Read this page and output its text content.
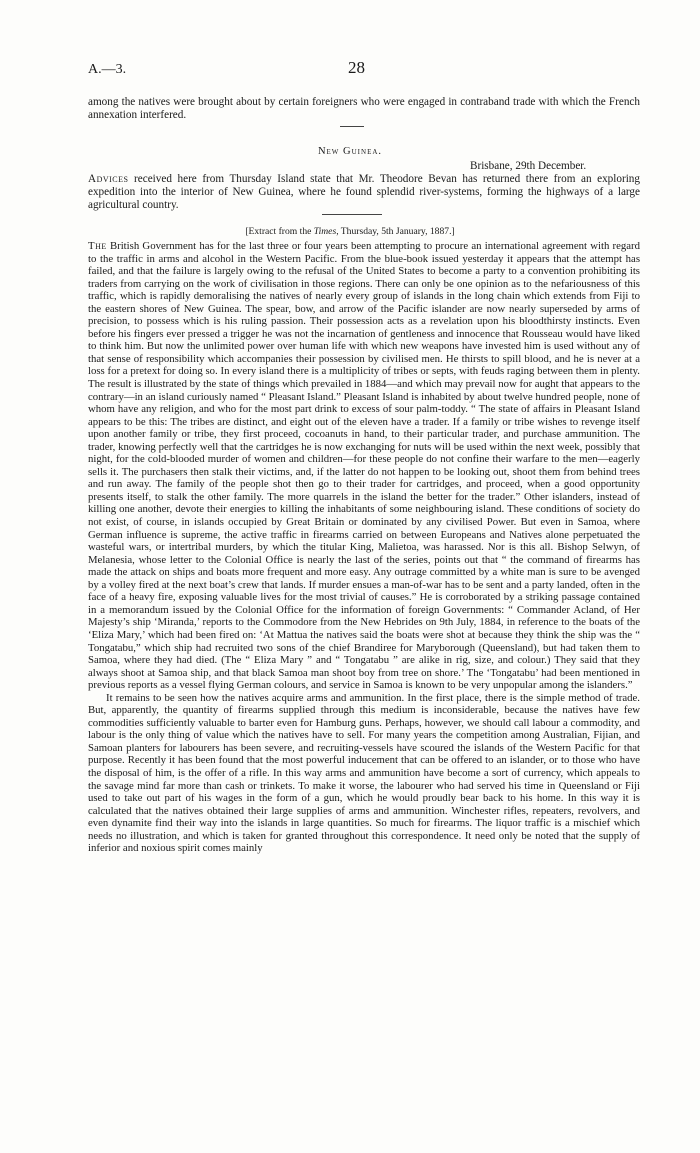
A.—3.	28

among the natives were brought about by certain foreigners who were engaged in contraband trade with which the French annexation interfered.

New Guinea.
Brisbane, 29th December.

Advices received here from Thursday Island state that Mr. Theodore Bevan has returned there from an exploring expedition into the interior of New Guinea, where he found splendid river-systems, forming the highways of a large agricultural country.

[Extract from the Times, Thursday, 5th January, 1887.]

The British Government has for the last three or four years been attempting to procure an international agreement with regard to the traffic in arms and alcohol in the Western Pacific. From the blue-book issued yesterday it appears that the attempt has failed, and that the failure is largely owing to the refusal of the United States to become a party to a convention prohibiting its traders from carrying on the work of civilisation in those regions. There can only be one opinion as to the nefariousness of this traffic, which is rapidly demoralising the natives of nearly every group of islands in the long chain which extends from Fiji to the eastern shores of New Guinea. The spear, bow, and arrow of the Pacific islander are now nearly superseded by arms of precision, to possess which is his ruling passion. Their possession acts as a revelation upon his bloodthirsty instincts. Even before his fingers ever pressed a trigger he was not the incarnation of gentleness and innocence that Rousseau would have liked to think him. But now the unlimited power over human life with which new weapons have invested him is used without any of that sense of responsibility which accompanies their possession by civilised men. He thirsts to spill blood, and he is never at a loss for a pretext for doing so. In every island there is a multiplicity of tribes or septs, with feuds raging between them in plenty. The result is illustrated by the state of things which prevailed in 1884—and which may prevail now for aught that appears to the contrary—in an island curiously named “ Pleasant Island.” Pleasant Island is inhabited by about twelve hundred people, none of whom have any religion, and who for the most part drink to excess of sour palm-toddy. “ The state of affairs in Pleasant Island appears to be this: The tribes are distinct, and eight out of the eleven have a trader. If a family or tribe wishes to revenge itself upon another family or tribe, they first proceed, cocoanuts in hand, to their particular trader, and purchase ammunition. The trader, knowing perfectly well that the cartridges he is now exchanging for nuts will be used within the next week, possibly that night, for the cold-blooded murder of women and children—for these people do not confine their warfare to the men—eagerly sells it. The purchasers then stalk their victims, and, if the latter do not happen to be looking out, shoot them from behind trees and run away. The family of the people shot then go to their trader for cartridges, and proceed, when a good opportunity presents itself, to stalk the other family. The more quarrels in the island the better for the trader.” Other islanders, instead of killing one another, devote their energies to killing the inhabitants of some neighbouring island. These conditions of society do not exist, of course, in islands occupied by Great Britain or dominated by any civilised Power. But even in Samoa, where German influence is supreme, the active traffic in firearms carried on between Europeans and Natives alone perpetuated the wasteful wars, or intertribal murders, by which the titular King, Malietoa, was harassed. Nor is this all. Bishop Selwyn, of Melanesia, whose letter to the Colonial Office is nearly the last of the series, points out that “ the command of firearms has made the attack on ships and boats more frequent and more easy. Any outrage committed by a white man is sure to be avenged by a volley fired at the next boat’s crew that lands. If murder ensues a man-of-war has to be sent and a party landed, often in the face of a heavy fire, exposing valuable lives for the most trivial of causes.” He is corroborated by a striking passage contained in a memorandum issued by the Colonial Office for the information of foreign Governments: “ Commander Acland, of Her Majesty’s ship ‘Miranda,’ reports to the Commodore from the New Hebrides on 9th July, 1884, in reference to the boats of the ‘Eliza Mary,’ which had been fired on: ‘At Mattua the natives said the boats were shot at because they think the ship was the “ Tongatabu,” which ship had recruited two sons of the chief Brandiree for Maryborough (Queensland), but had taken them to Samoa, where they had died. (The “ Eliza Mary ” and “ Tongatabu ” are alike in rig, size, and colour.) They said that they always shoot at Samoa ship, and that black Samoa man shoot boy from tree on shore.’ The ‘Tongatabu’ had been mentioned in previous reports as a vessel flying German colours, and service in Samoa is known to be very unpopular among the islanders.”

It remains to be seen how the natives acquire arms and ammunition. In the first place, there is the simple method of trade. But, apparently, the quantity of firearms supplied through this medium is inconsiderable, because the natives have few commodities sufficiently valuable to barter even for Hamburg guns. Perhaps, however, we should call labour a commodity, and labour is the only thing of value which the natives have to sell. For many years the competition among Australian, Fijian, and Samoan planters for labourers has been severe, and recruiting-vessels have scoured the islands of the Western Pacific for that purpose. Recently it has been found that the most powerful inducement that can be offered to an islander, or to those who have the disposal of him, is the offer of a rifle. In this way arms and ammunition have become a sort of currency, which appeals to the savage mind far more than cash or trinkets. To make it worse, the labourer who had served his time in Queensland or Fiji used to take out part of his wages in the form of a gun, which he would proudly bear back to his home. In this way it is calculated that the natives obtained their large supplies of arms and ammunition. Winchester rifles, repeaters, revolvers, and even dynamite find their way into the islands in large quantities. So much for firearms. The liquor traffic is a mischief which needs no illustration, and which is taken for granted throughout this correspondence. It need only be noted that the supply of inferior and noxious spirit comes mainly
